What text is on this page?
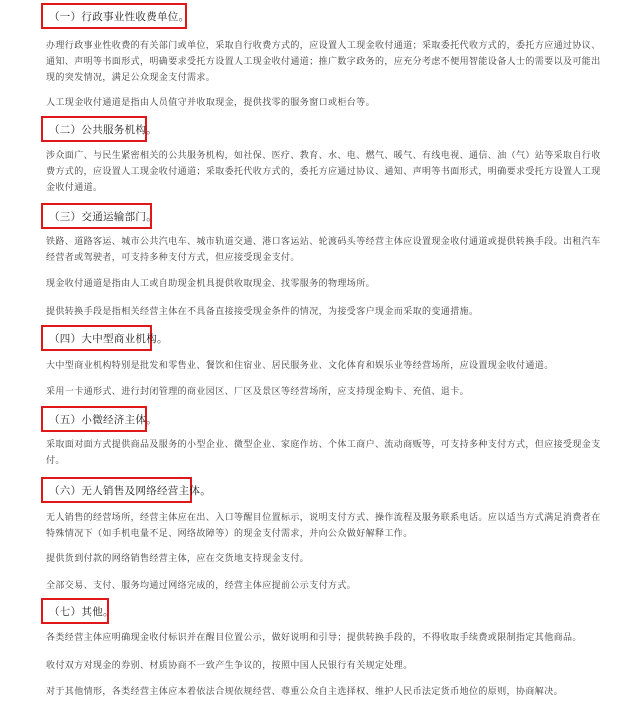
（一）行政事业性收费单位。
办理行政事业性收费的有关部门或单位，采取自行收费方式的，应设置人工现金收付通道；采取委托代收方式的，委托方应通过协议、通知、声明等书面形式，明确要求受托方设置人工现金收付通道；推广数字政务的，应充分考虑不便用智能设备人士的需要以及可能出现的突发情况，满足公众现金支付需求。
人工现金收付通道是指由人员值守并收取现金，提供找零的服务窗口或柜台等。
（二）公共服务机构。
涉众面广、与民生紧密相关的公共服务机构，如社保、医疗、教育、水、电、燃气、暖气、有线电视、通信、油（气）站等采取自行收费方式的，应设置人工现金收付通道；采取委托代收方式的，委托方应通过协议、通知、声明等书面形式，明确要求受托方设置人工现金收付通道。
（三）交通运输部门。
铁路、道路客运、城市公共汽电车、城市轨道交通、港口客运站、轮渡码头等经营主体应设置现金收付通道或提供转换手段。出租汽车经营者或驾驶者，可支持多种支付方式，但应接受现金支付。
现金收付通道是指由人工或自助现金机具提供收取现金、找零服务的物理场所。
提供转换手段是指相关经营主体在不具备直接接受现金条件的情况，为接受客户现金而采取的变通措施。
（四）大中型商业机构。
大中型商业机构特别是批发和零售业、餐饮和住宿业、居民服务业、文化体育和娱乐业等经营场所，应设置现金收付通道。
采用一卡通形式、进行封闭管理的商业园区、厂区及景区等经营场所，应支持现金购卡、充值、退卡。
（五）小微经济主体。
采取面对面方式提供商品及服务的小型企业、微型企业、家庭作坊、个体工商户、流动商贩等，可支持多种支付方式，但应接受现金支付。
（六）无人销售及网络经营主体。
无人销售的经营场所，经营主体应在出、入口等醒目位置标示，说明支付方式、操作流程及服务联系电话。应以适当方式满足消费者在特殊情况下（如手机电量不足、网络故障等）的现金支付需求，并向公众做好解释工作。
提供货到付款的网络销售经营主体，应在交货地支持现金支付。
全部交易、支付、服务均通过网络完成的，经营主体应提前公示支付方式。
（七）其他。
各类经营主体应明确现金收付标识并在醒目位置公示，做好说明和引导；提供转换手段的，不得收取手续费或限制指定其他商品。
收付双方对现金的券别、材质协商不一致产生争议的，按照中国人民银行有关规定处理。
对于其他情形，各类经营主体应本着依法合规依规经营、尊重公众自主选择权、维护人民币法定货币地位的原则，协商解决。
